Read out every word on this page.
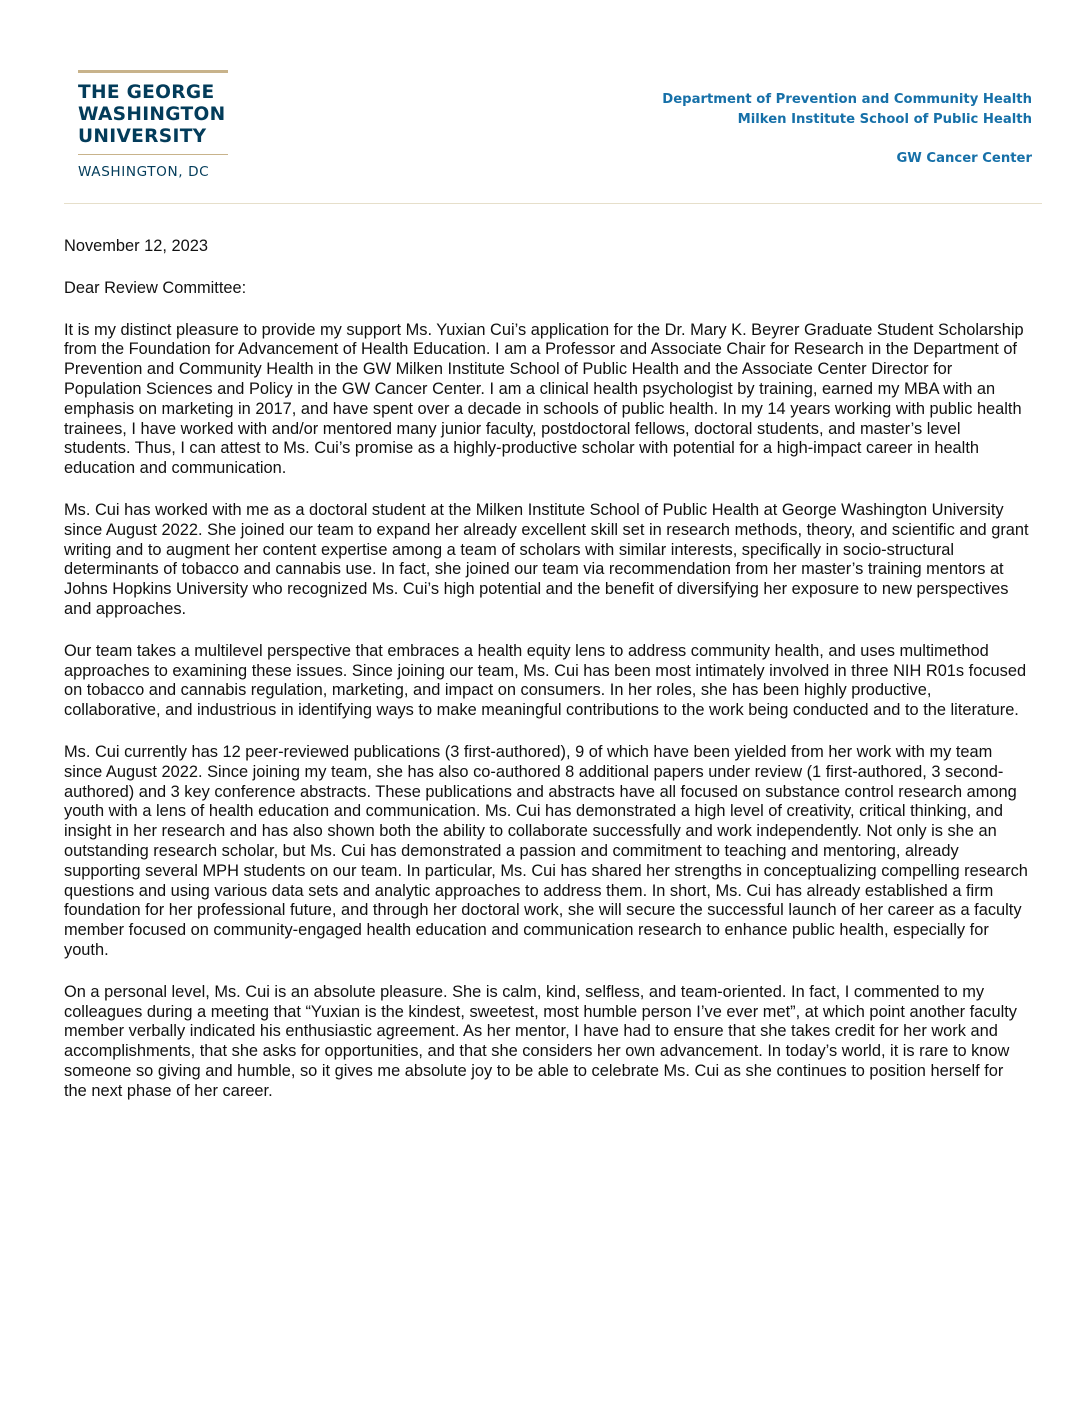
THE GEORGE
WASHINGTON
UNIVERSITY
WASHINGTON, DC
Department of Prevention and Community Health
Milken Institute School of Public Health
GW Cancer Center

November 12, 2023

Dear Review Committee:

It is my distinct pleasure to provide my support Ms. Yuxian Cui’s application for the Dr. Mary K. Beyrer Graduate Student Scholarship from the Foundation for Advancement of Health Education. I am a Professor and Associate Chair for Research in the Department of Prevention and Community Health in the GW Milken Institute School of Public Health and the Associate Center Director for Population Sciences and Policy in the GW Cancer Center. I am a clinical health psychologist by training, earned my MBA with an emphasis on marketing in 2017, and have spent over a decade in schools of public health. In my 14 years working with public health trainees, I have worked with and/or mentored many junior faculty, postdoctoral fellows, doctoral students, and master’s level students. Thus, I can attest to Ms. Cui’s promise as a highly-productive scholar with potential for a high-impact career in health education and communication.

Ms. Cui has worked with me as a doctoral student at the Milken Institute School of Public Health at George Washington University since August 2022. She joined our team to expand her already excellent skill set in research methods, theory, and scientific and grant writing and to augment her content expertise among a team of scholars with similar interests, specifically in socio-structural determinants of tobacco and cannabis use. In fact, she joined our team via recommendation from her master’s training mentors at Johns Hopkins University who recognized Ms. Cui’s high potential and the benefit of diversifying her exposure to new perspectives and approaches.

Our team takes a multilevel perspective that embraces a health equity lens to address community health, and uses multimethod approaches to examining these issues. Since joining our team, Ms. Cui has been most intimately involved in three NIH R01s focused on tobacco and cannabis regulation, marketing, and impact on consumers. In her roles, she has been highly productive, collaborative, and industrious in identifying ways to make meaningful contributions to the work being conducted and to the literature.

Ms. Cui currently has 12 peer-reviewed publications (3 first-authored), 9 of which have been yielded from her work with my team since August 2022. Since joining my team, she has also co-authored 8 additional papers under review (1 first-authored, 3 second-authored) and 3 key conference abstracts. These publications and abstracts have all focused on substance control research among youth with a lens of health education and communication. Ms. Cui has demonstrated a high level of creativity, critical thinking, and insight in her research and has also shown both the ability to collaborate successfully and work independently. Not only is she an outstanding research scholar, but Ms. Cui has demonstrated a passion and commitment to teaching and mentoring, already supporting several MPH students on our team. In particular, Ms. Cui has shared her strengths in conceptualizing compelling research questions and using various data sets and analytic approaches to address them. In short, Ms. Cui has already established a firm foundation for her professional future, and through her doctoral work, she will secure the successful launch of her career as a faculty member focused on community-engaged health education and communication research to enhance public health, especially for youth.

On a personal level, Ms. Cui is an absolute pleasure. She is calm, kind, selfless, and team-oriented. In fact, I commented to my colleagues during a meeting that “Yuxian is the kindest, sweetest, most humble person I’ve ever met”, at which point another faculty member verbally indicated his enthusiastic agreement. As her mentor, I have had to ensure that she takes credit for her work and accomplishments, that she asks for opportunities, and that she considers her own advancement. In today’s world, it is rare to know someone so giving and humble, so it gives me absolute joy to be able to celebrate Ms. Cui as she continues to position herself for the next phase of her career.
